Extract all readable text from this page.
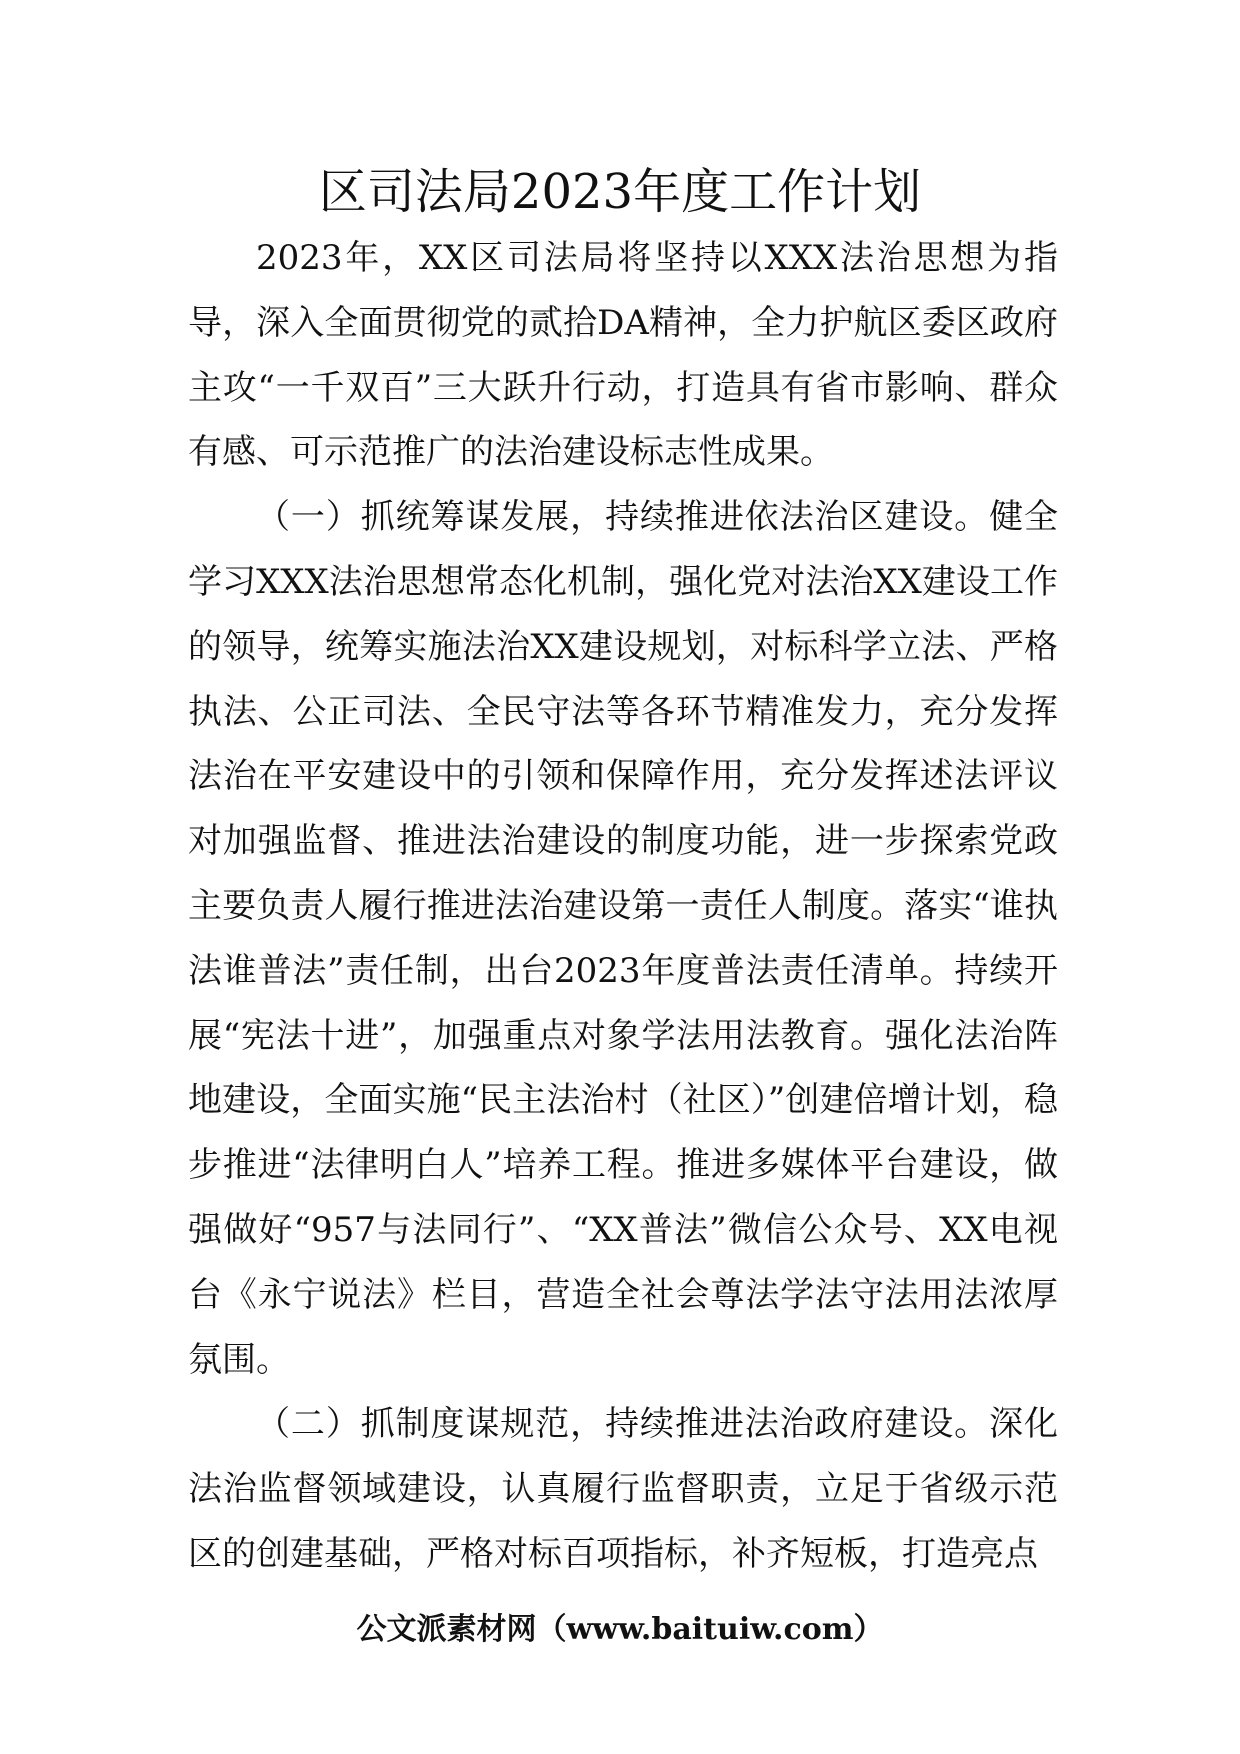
区司法局2023年度工作计划

2023年，XX区司法局将坚持以XXX法治思想为指导，深入全面贯彻党的贰拾DA精神，全力护航区委区政府主攻“一千双百”三大跃升行动，打造具有省市影响、群众有感、可示范推广的法治建设标志性成果。

（一）抓统筹谋发展，持续推进依法治区建设。健全学习XXX法治思想常态化机制，强化党对法治XX建设工作的领导，统筹实施法治XX建设规划，对标科学立法、严格执法、公正司法、全民守法等各环节精准发力，充分发挥法治在平安建设中的引领和保障作用，充分发挥述法评议对加强监督、推进法治建设的制度功能，进一步探索党政主要负责人履行推进法治建设第一责任人制度。落实“谁执法谁普法”责任制，出台2023年度普法责任清单。持续开展“宪法十进”，加强重点对象学法用法教育。强化法治阵地建设，全面实施“民主法治村（社区）”创建倍增计划，稳步推进“法律明白人”培养工程。推进多媒体平台建设，做强做好“957与法同行”、“XX普法”微信公众号、XX电视台《永宁说法》栏目，营造全社会尊法学法守法用法浓厚氛围。

（二）抓制度谋规范，持续推进法治政府建设。深化法治监督领域建设，认真履行监督职责，立足于省级示范区的创建基础，严格对标百项指标，补齐短板，打造亮点

公文派素材网（www.baituiw.com）
